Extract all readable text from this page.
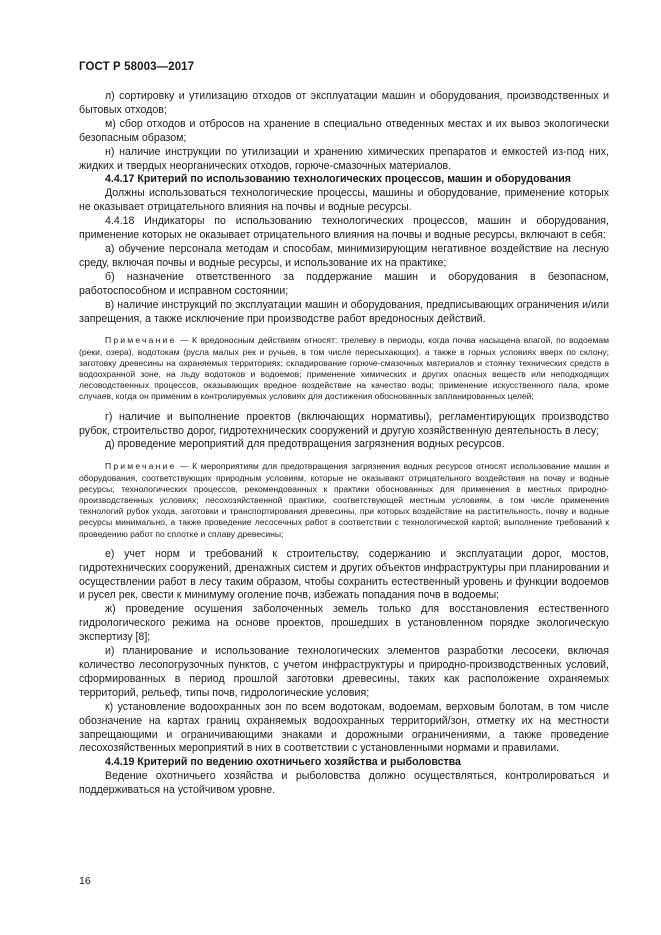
ГОСТ Р 58003—2017

л) сортировку и утилизацию отходов от эксплуатации машин и оборудования, производственных и бытовых отходов;

м) сбор отходов и отбросов на хранение в специально отведенных местах и их вывоз экологически безопасным образом;

н) наличие инструкции по утилизации и хранению химических препаратов и емкостей из-под них, жидких и твердых неорганических отходов, горюче-смазочных материалов.

4.4.17 Критерий по использованию технологических процессов, машин и оборудования

Должны использоваться технологические процессы, машины и оборудование, применение которых не оказывает отрицательного влияния на почвы и водные ресурсы.

4.4.18 Индикаторы по использованию технологических процессов, машин и оборудования, применение которых не оказывает отрицательного влияния на почвы и водные ресурсы, включают в себя:

а) обучение персонала методам и способам, минимизирующим негативное воздействие на лесную среду, включая почвы и водные ресурсы, и использование их на практике;

б) назначение ответственного за поддержание машин и оборудования в безопасном, работоспособном и исправном состоянии;

в) наличие инструкций по эксплуатации машин и оборудования, предписывающих ограничения и/или запрещения, а также исключение при производстве работ вредоносных действий.

Примечание — К вредоносным действиям относят: трелевку в периоды, когда почва насыщена влагой, по водоемам (реки, озера), водотокам (русла малых рек и ручьев, в том числе пересыхающих), а также в горных условиях вверх по склону; заготовку древесины на охраняемых территориях; складирование горюче-смазочных материалов и стоянку технических средств в водоохранной зоне, на льду водотоков и водоемов; применение химических и других опасных веществ или неподходящих лесоводственных процессов, оказывающих вредное воздействие на качество воды; применение искусственного пала, кроме случаев, когда он применим в контролируемых условиях для достижения обоснованных запланированных целей;

г) наличие и выполнение проектов (включающих нормативы), регламентирующих производство рубок, строительство дорог, гидротехнических сооружений и другую хозяйственную деятельность в лесу;

д) проведение мероприятий для предотвращения загрязнения водных ресурсов.

Примечание — К мероприятиям для предотвращения загрязнения водных ресурсов относят использование машин и оборудования, соответствующих природным условиям, которые не оказывают отрицательного воздействия на почву и водные ресурсы; технологических процессов, рекомендованных к практики обоснованных для применения в местных природно-производственных условиях; лесохозяйственной практики, соответствующей местным условиям, в том числе применения технологий рубок ухода, заготовки и транспортирования древесины, при которых воздействие на растительность, почву и водные ресурсы минимально, а также проведение лесосечных работ в соответствии с технологической картой; выполнение требований к проведению работ по сплотке и сплаву древесины;

е) учет норм и требований к строительству, содержанию и эксплуатации дорог, мостов, гидротехнических сооружений, дренажных систем и других объектов инфраструктуры при планировании и осуществлении работ в лесу таким образом, чтобы сохранить естественный уровень и функции водоемов и русел рек, свести к минимуму оголение почв, избежать попадания почв в водоемы;

ж) проведение осушения заболоченных земель только для восстановления естественного гидрологического режима на основе проектов, прошедших в установленном порядке экологическую экспертизу [8];

и) планирование и использование технологических элементов разработки лесосеки, включая количество лесопогрузочных пунктов, с учетом инфраструктуры и природно-производственных условий, сформированных в период прошлой заготовки древесины, таких как расположение охраняемых территорий, рельеф, типы почв, гидрологические условия;

к) установление водоохранных зон по всем водотокам, водоемам, верховым болотам, в том числе обозначение на картах границ охраняемых водоохранных территорий/зон, отметку их на местности запрещающими и ограничивающими знаками и дорожными ограничениями, а также проведение лесохозяйственных мероприятий в них в соответствии с установленными нормами и правилами.

4.4.19 Критерий по ведению охотничьего хозяйства и рыболовства

Ведение охотничьего хозяйства и рыболовства должно осуществляться, контролироваться и поддерживаться на устойчивом уровне.

16
